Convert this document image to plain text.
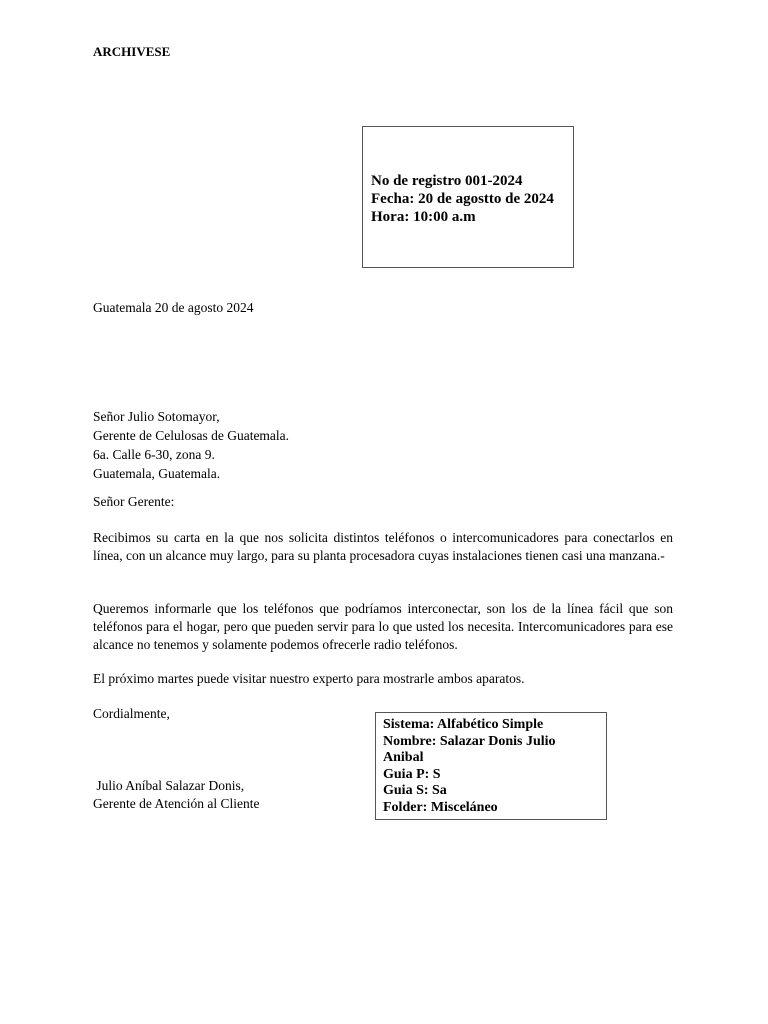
ARCHIVESE
No de registro 001-2024
Fecha: 20 de agostto de 2024
Hora: 10:00 a.m
Guatemala 20 de agosto 2024
Señor Julio Sotomayor,
Gerente de Celulosas de Guatemala.
6a. Calle 6-30, zona 9.
Guatemala, Guatemala.
Señor Gerente:
Recibimos su carta en la que nos solicita distintos teléfonos o intercomunicadores para conectarlos en línea, con un alcance muy largo, para su planta procesadora cuyas instalaciones tienen casi una manzana.-
Queremos informarle que los teléfonos que podríamos interconectar, son los de la línea fácil que son teléfonos para el hogar, pero que pueden servir para lo que usted los necesita. Intercomunicadores para ese alcance no tenemos y solamente podemos ofrecerle radio teléfonos.
El próximo martes puede visitar nuestro experto para mostrarle ambos aparatos.
Cordialmente,
Julio Aníbal Salazar Donis,
Gerente de Atención al Cliente
Sistema: Alfabético Simple
Nombre: Salazar Donis Julio
Anibal
Guia P: S
Guia S: Sa
Folder: Misceláneo
